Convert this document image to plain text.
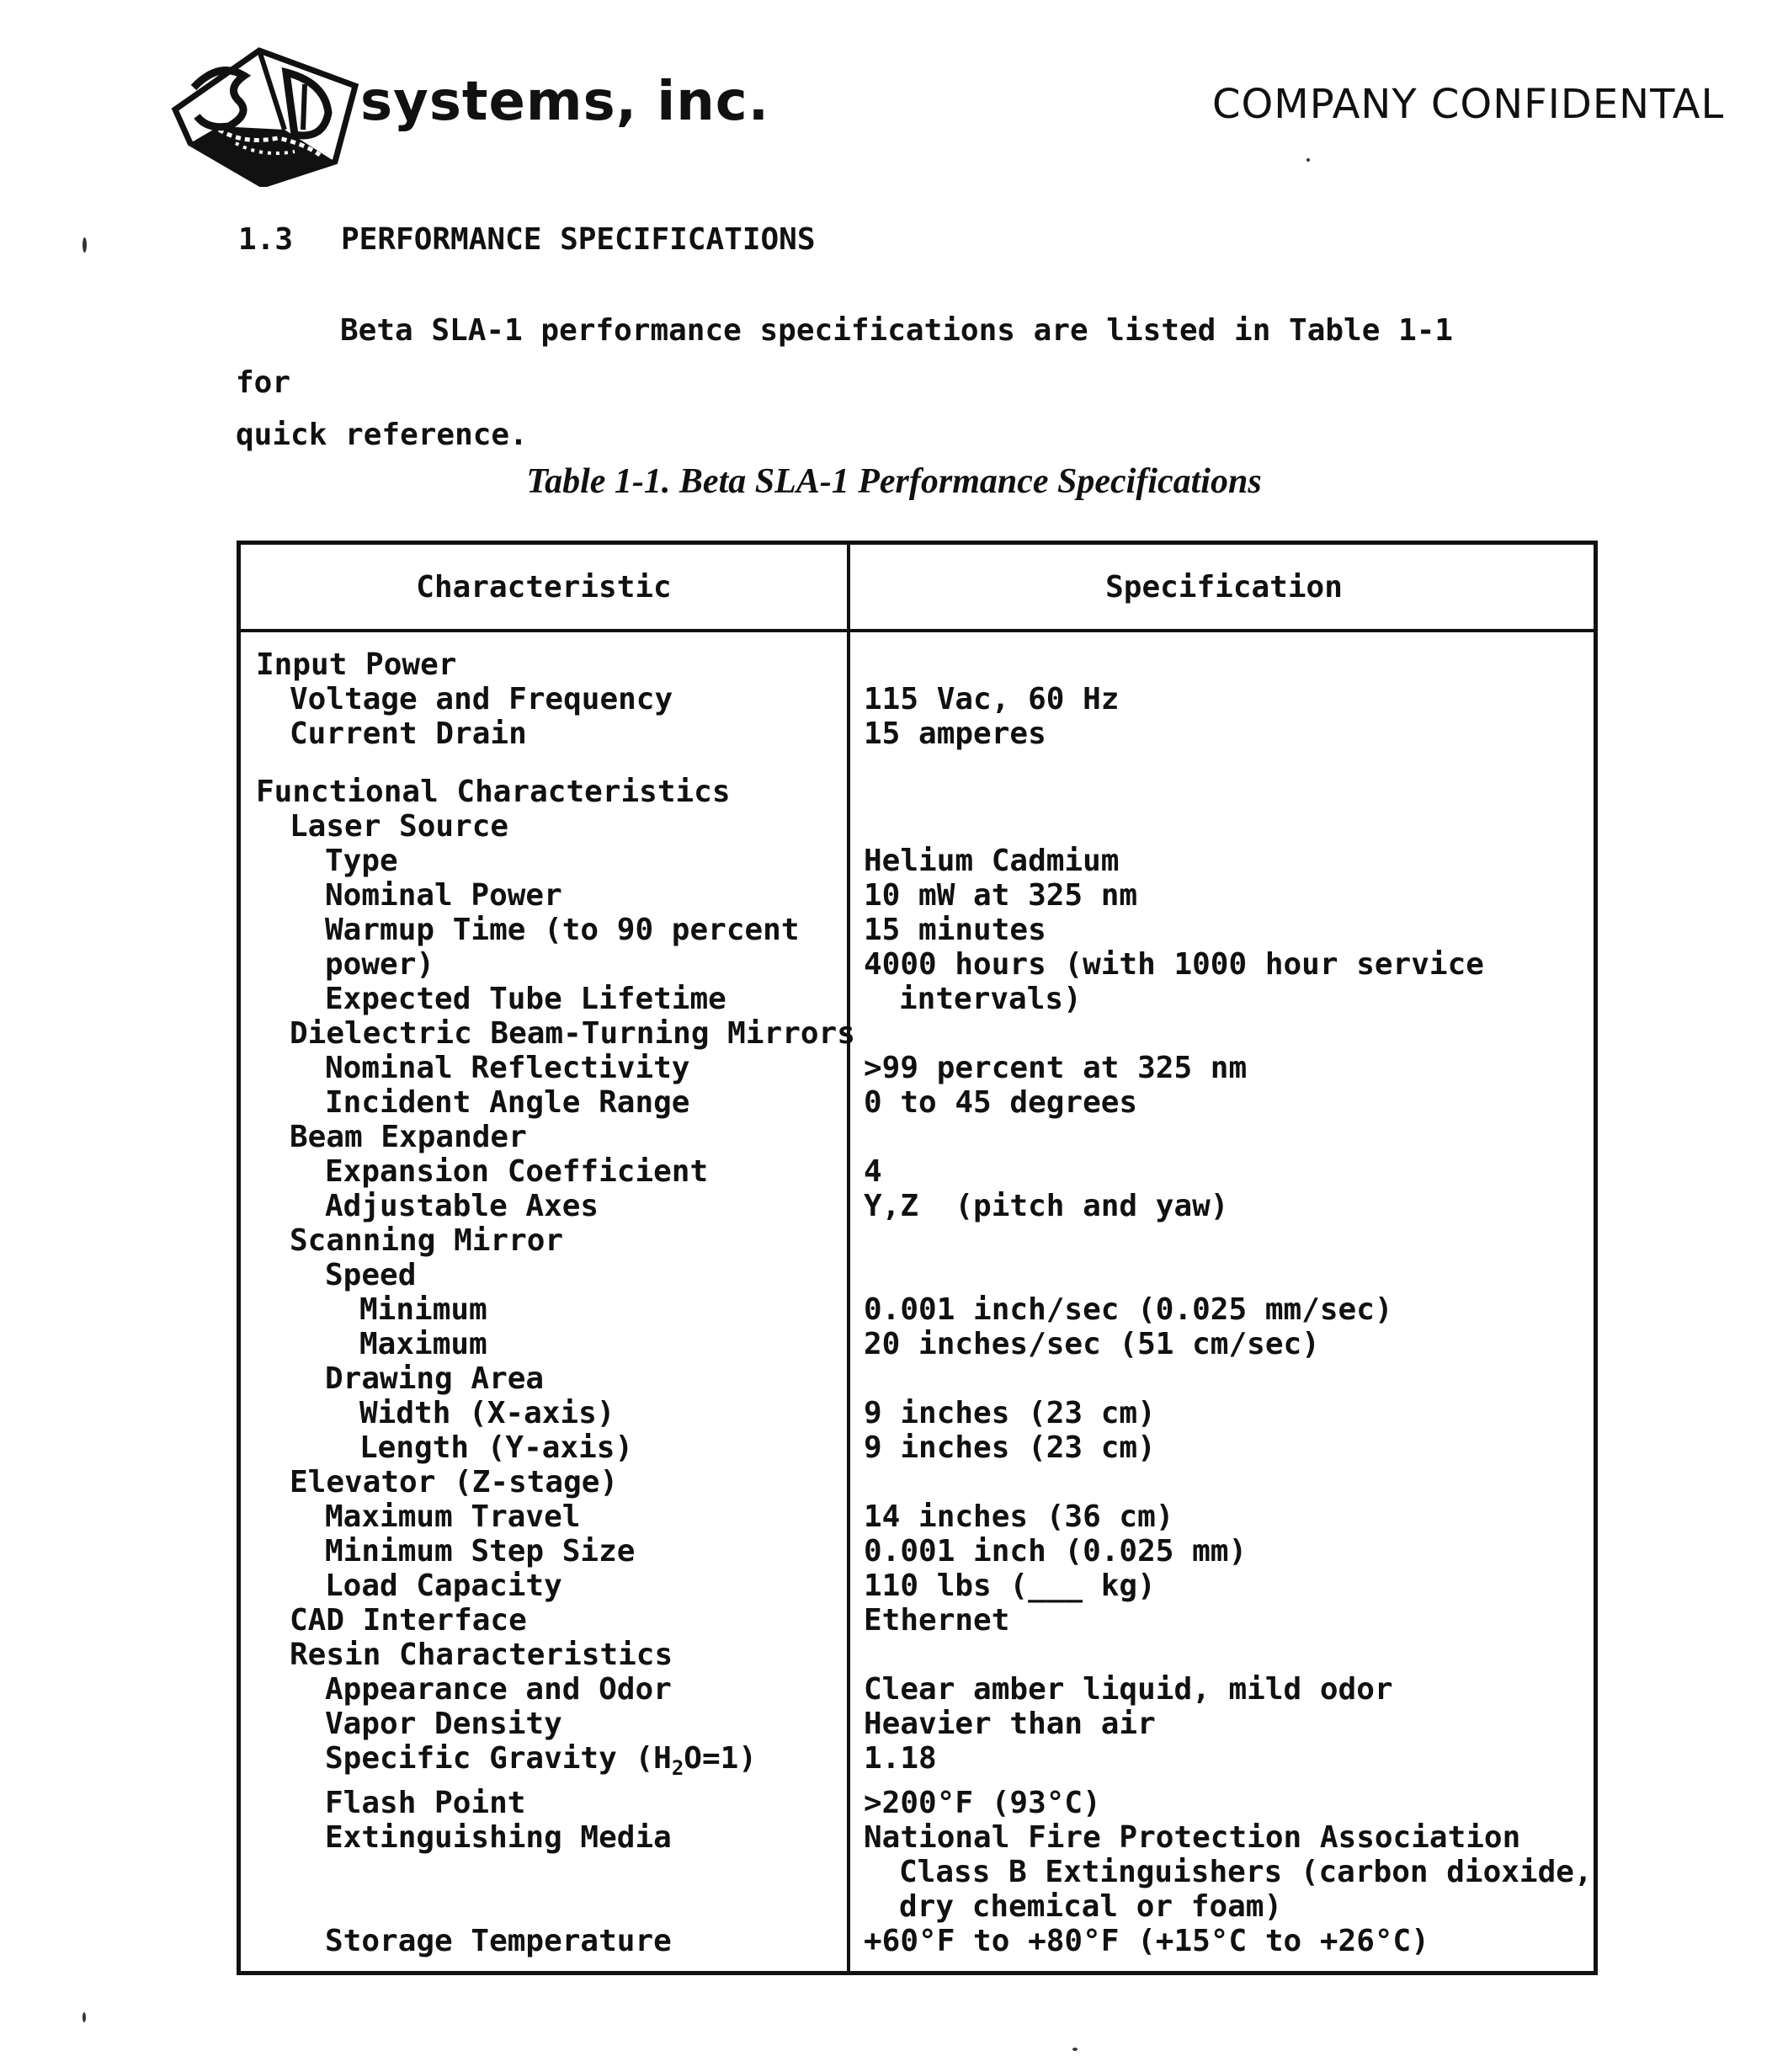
systems, inc.	COMPANY CONFIDENTAL
1.3 PERFORMANCE SPECIFICATIONS
Beta SLA-1 performance specifications are listed in Table 1-1 for
quick reference.
Table 1-1. Beta SLA-1 Performance Specifications
Characteristic	Specification
Input Power
Voltage and Frequency	115 Vac, 60 Hz
Current Drain	15 amperes
Functional Characteristics
Laser Source
Type	Helium Cadmium
Nominal Power	10 mW at 325 nm
Warmup Time (to 90 percent	15 minutes
power)	4000 hours (with 1000 hour service
Expected Tube Lifetime	intervals)
Dielectric Beam-Turning Mirrors
Nominal Reflectivity	>99 percent at 325 nm
Incident Angle Range	0 to 45 degrees
Beam Expander
Expansion Coefficient	4
Adjustable Axes	Y,Z  (pitch and yaw)
Scanning Mirror
Speed
Minimum	0.001 inch/sec (0.025 mm/sec)
Maximum	20 inches/sec (51 cm/sec)
Drawing Area
Width (X-axis)	9 inches (23 cm)
Length (Y-axis)	9 inches (23 cm)
Elevator (Z-stage)
Maximum Travel	14 inches (36 cm)
Minimum Step Size	0.001 inch (0.025 mm)
Load Capacity	110 lbs (___ kg)
CAD Interface	Ethernet
Resin Characteristics
Appearance and Odor	Clear amber liquid, mild odor
Vapor Density	Heavier than air
Specific Gravity (H2O=1)	1.18
Flash Point	>200°F (93°C)
Extinguishing Media	National Fire Protection Association
Class B Extinguishers (carbon dioxide,
dry chemical or foam)
Storage Temperature	+60°F to +80°F (+15°C to +26°C)
